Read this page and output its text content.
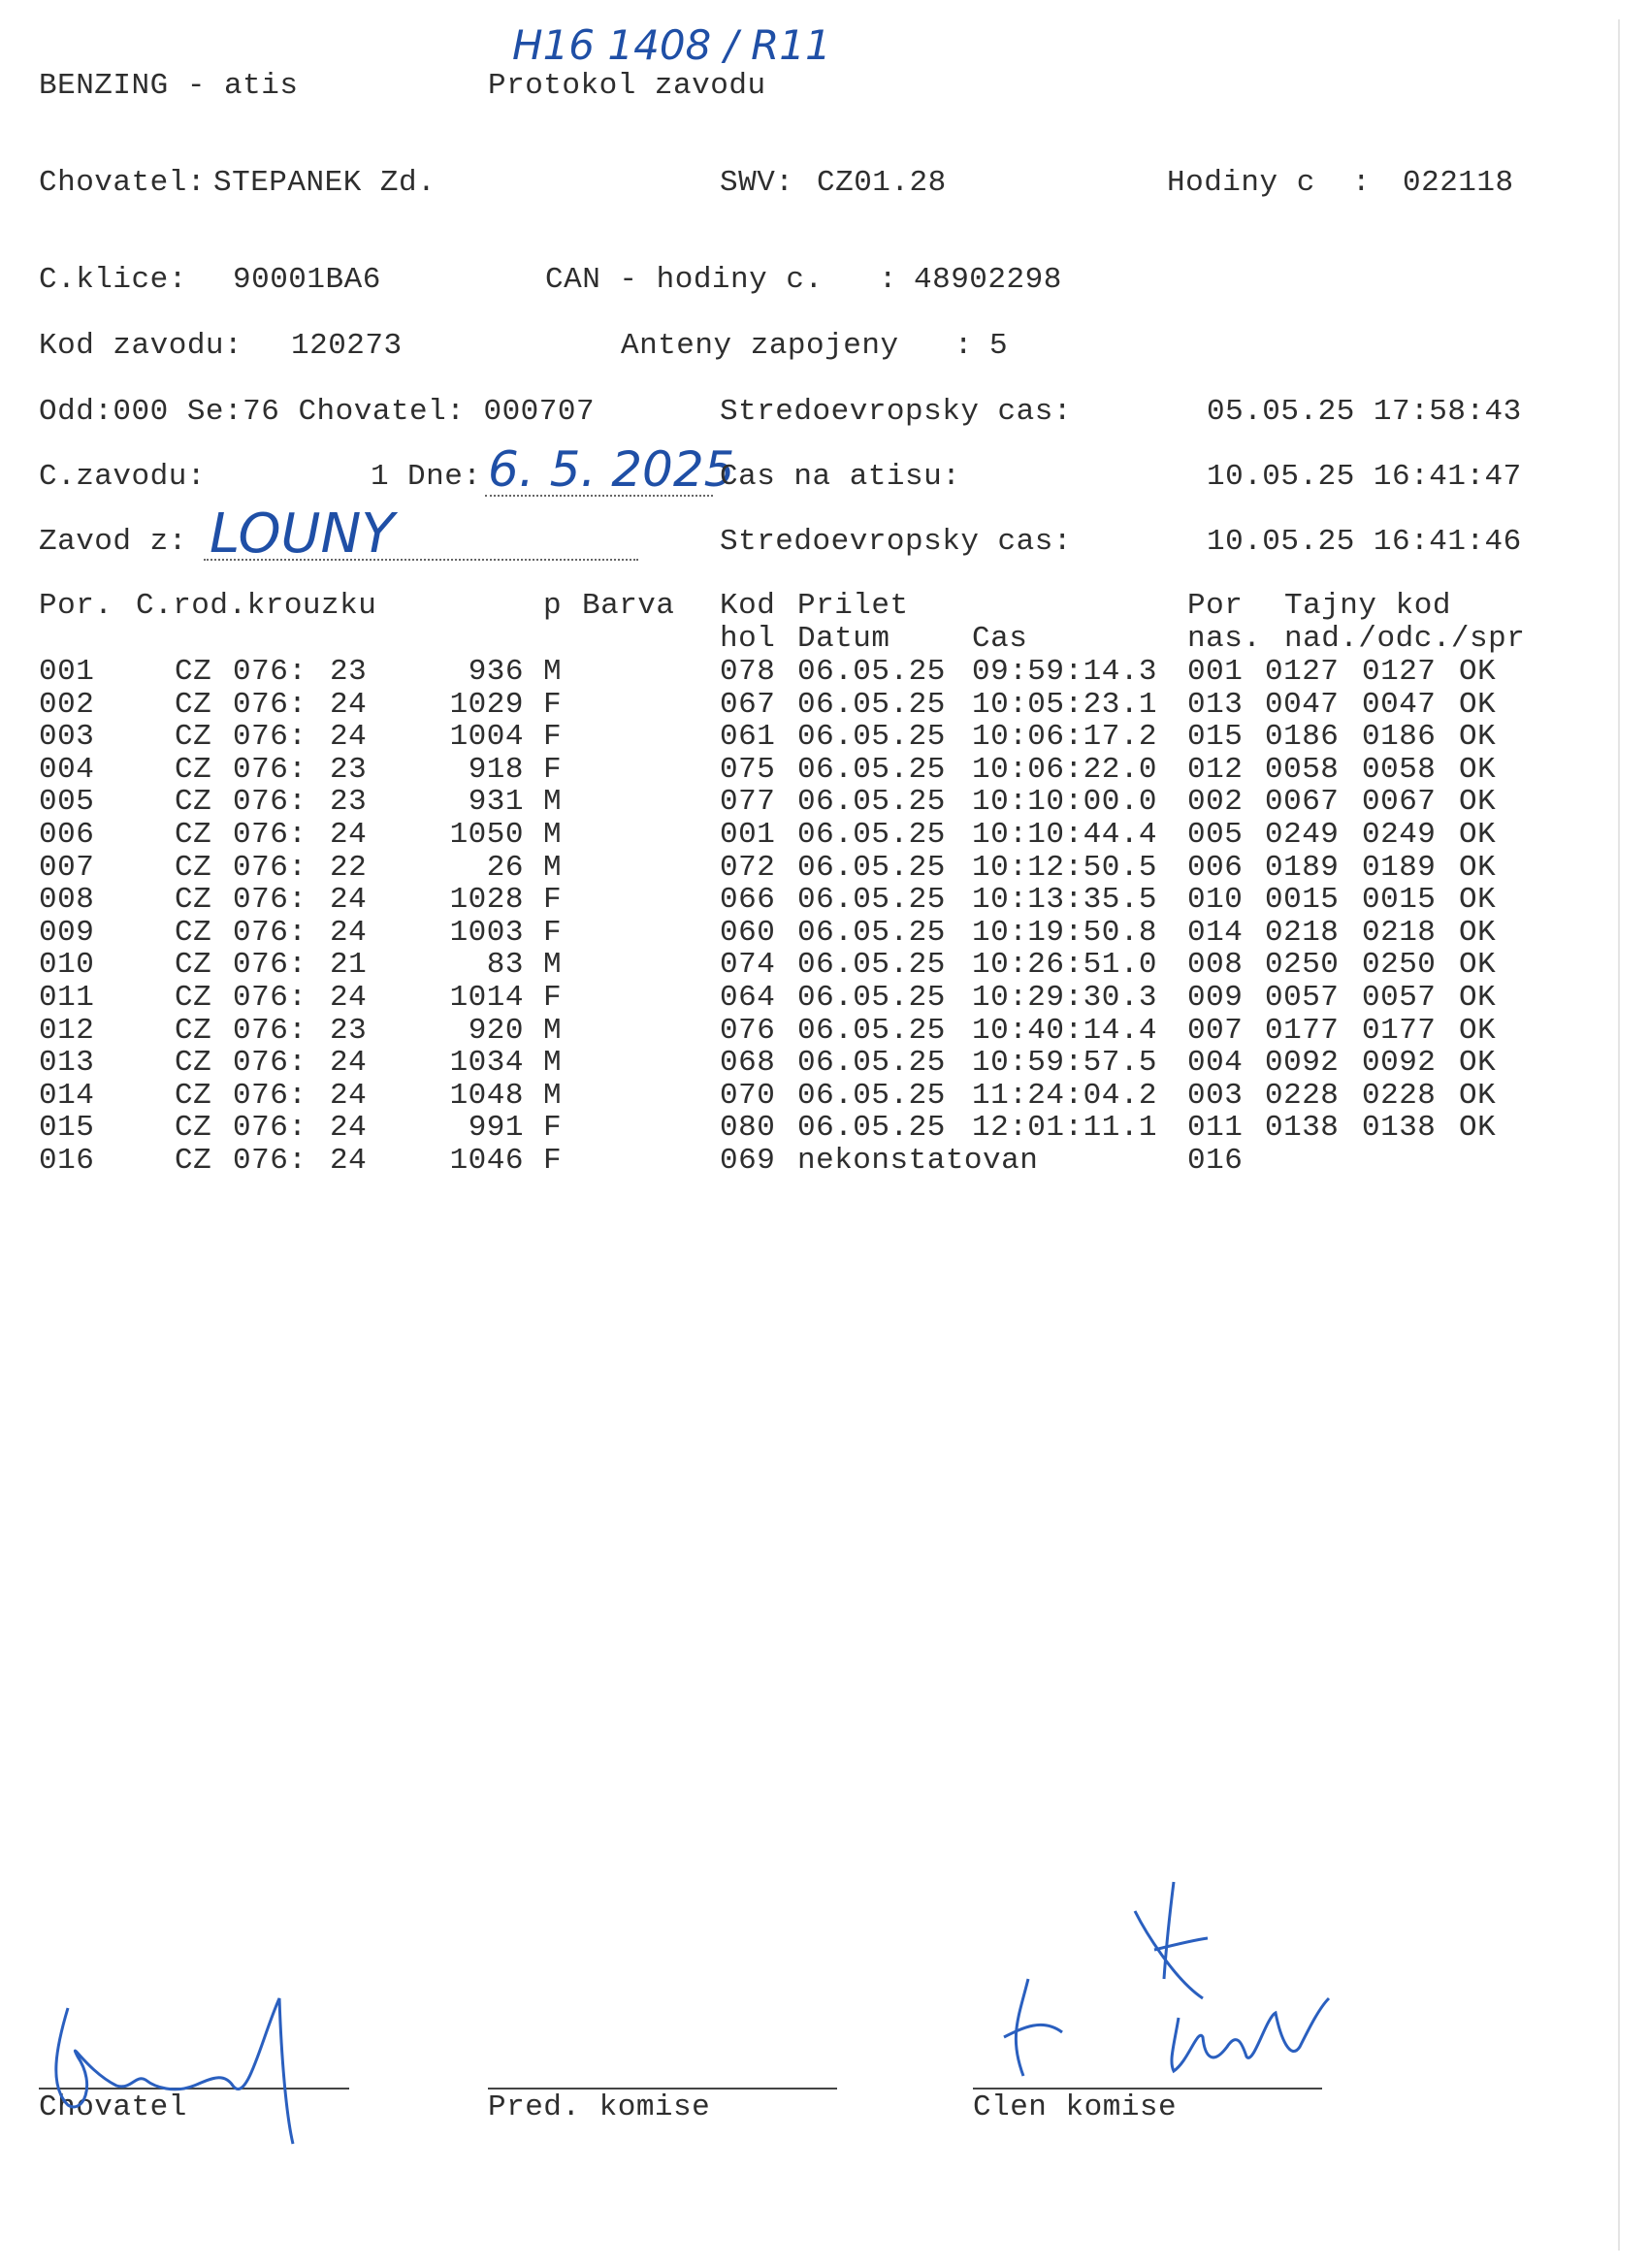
H16 1408 / R11
BENZING - atis	Protokol zavodu
Chovatel: STEPANEK Zd.	SWV: CZ01.28	Hodiny c  : 022118
C.klice: 90001BA6	CAN - hodiny c.   : 48902298
Kod zavodu: 120273	Anteny zapojeny   : 5
Odd:000 Se:76 Chovatel: 000707	Stredoevropsky cas:	05.05.25 17:58:43
C.zavodu:	1 Dne: 6. 5. 2025
Cas na atisu:	10.05.25 16:41:47
Zavod z: LOUNY	Stredoevropsky cas:	10.05.25 16:41:46
Por. C.rod.krouzku	p Barva Kod Prilet	Por Tajny kod
hol Datum	Cas	nas. nad./odc./spr
001	CZ 076: 23	936 M	078 06.05.25 09:59:14.3 001 0127 0127 OK
002	CZ 076: 24	1029 F	067 06.05.25 10:05:23.1 013 0047 0047 OK
003	CZ 076: 24	1004 F	061 06.05.25 10:06:17.2 015 0186 0186 OK
004	CZ 076: 23	918 F	075 06.05.25 10:06:22.0 012 0058 0058 OK
005	CZ 076: 23	931 M	077 06.05.25 10:10:00.0 002 0067 0067 OK
006	CZ 076: 24	1050 M	001 06.05.25 10:10:44.4 005 0249 0249 OK
007	CZ 076: 22	26 M	072 06.05.25 10:12:50.5 006 0189 0189 OK
008	CZ 076: 24	1028 F	066 06.05.25 10:13:35.5 010 0015 0015 OK
009	CZ 076: 24	1003 F	060 06.05.25 10:19:50.8 014 0218 0218 OK
010	CZ 076: 21	83 M	074 06.05.25 10:26:51.0 008 0250 0250 OK
011	CZ 076: 24	1014 F	064 06.05.25 10:29:30.3 009 0057 0057 OK
012	CZ 076: 23	920 M	076 06.05.25 10:40:14.4 007 0177 0177 OK
013	CZ 076: 24	1034 M	068 06.05.25 10:59:57.5 004 0092 0092 OK
014	CZ 076: 24	1048 M	070 06.05.25 11:24:04.2 003 0228 0228 OK
015	CZ 076: 24	991 F	080 06.05.25 12:01:11.1 011 0138 0138 OK
016	CZ 076: 24	1046 F	069 nekonstatovan	016
Chovatel	Pred. komise	Clen komise
